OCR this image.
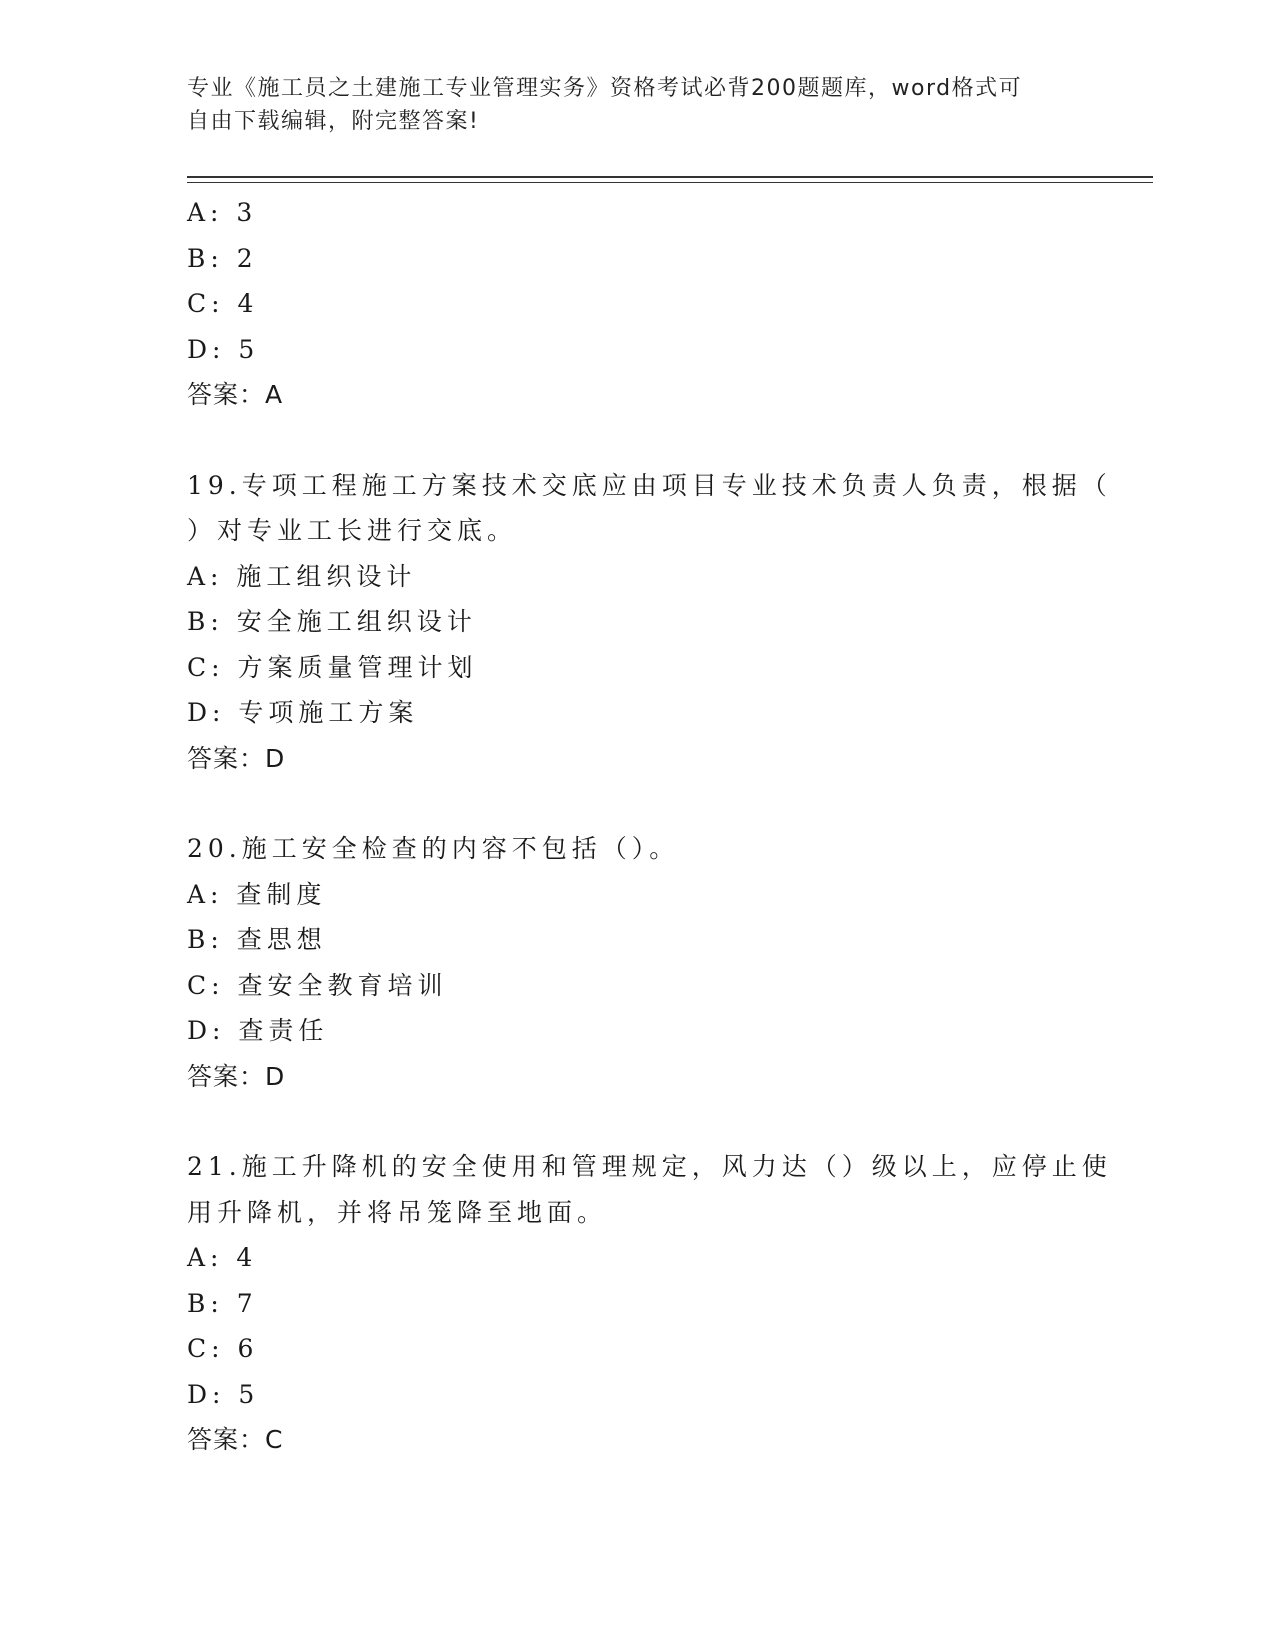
专业《施工员之土建施工专业管理实务》资格考试必背200题题库，word格式可
自由下载编辑，附完整答案!
A: 3
B: 2
C: 4
D: 5
答案：A
19.专项工程施工方案技术交底应由项目专业技术负责人负责，根据（
）对专业工长进行交底。
A: 施工组织设计
B: 安全施工组织设计
C: 方案质量管理计划
D: 专项施工方案
答案：D
20.施工安全检查的内容不包括（）。
A: 查制度
B: 查思想
C: 查安全教育培训
D: 查责任
答案：D
21.施工升降机的安全使用和管理规定，风力达（）级以上，应停止使
用升降机，并将吊笼降至地面。
A: 4
B: 7
C: 6
D: 5
答案：C
